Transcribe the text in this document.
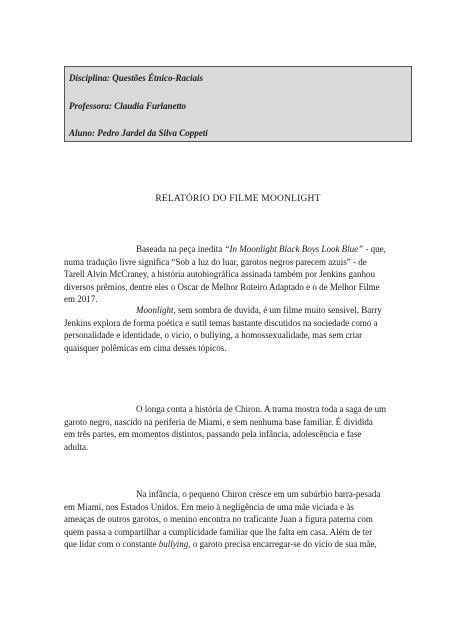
Disciplina: Questões Étnico-Raciais
Professora: Claudia Furlanetto
Aluno: Pedro Jardel da Silva Coppeti
RELATÓRIO DO FILME MOONLIGHT
Baseada na peça inedita “In Moonlight Black Boys Look Blue” - que,
numa tradução livre significa “Sob a luz do luar, garotos negros parecem azuis” - de
Tarell Alvin McCraney, a história autobiográfica assinada também por Jenkins ganhou
diversos prêmios, dentre eles o Oscar de Melhor Roteiro Adaptado e o de Melhor Filme
em 2017.
Moonlight, sem sombra de duvida, é um filme muito sensivel. Barry
Jenkins explora de forma poética e sutil temas bastante discutidos na sociedade como a
personalidade e identidade, o vicio, o bullying, a homossexualidade, mas sem criar
quaisquer polêmicas em cima desses tópicos.
O longa conta a história de Chiron. A trama mostra toda a saga de um
garoto negro, nascido na periferia de Miami, e sem nenhuma base familiar. É dividida
em três partes, em momentos distintos, passando pela infância, adolescência e fase
adulta.
Na infância, o pequeno Chiron cresce em um subúrbio barra-pesada
em Miami, nos Estados Unidos. Em meio à negligência de uma mãe viciada e às
ameaças de outros garotos, o menino encontra no traficante Juan a figura paterna com
quem passa a compartilhar a cumplicidade familiar que lhe falta em casa. Além de ter
que lidar com o constante bullying, o garoto precisa encarregar-se do vicio de sua mãe,
